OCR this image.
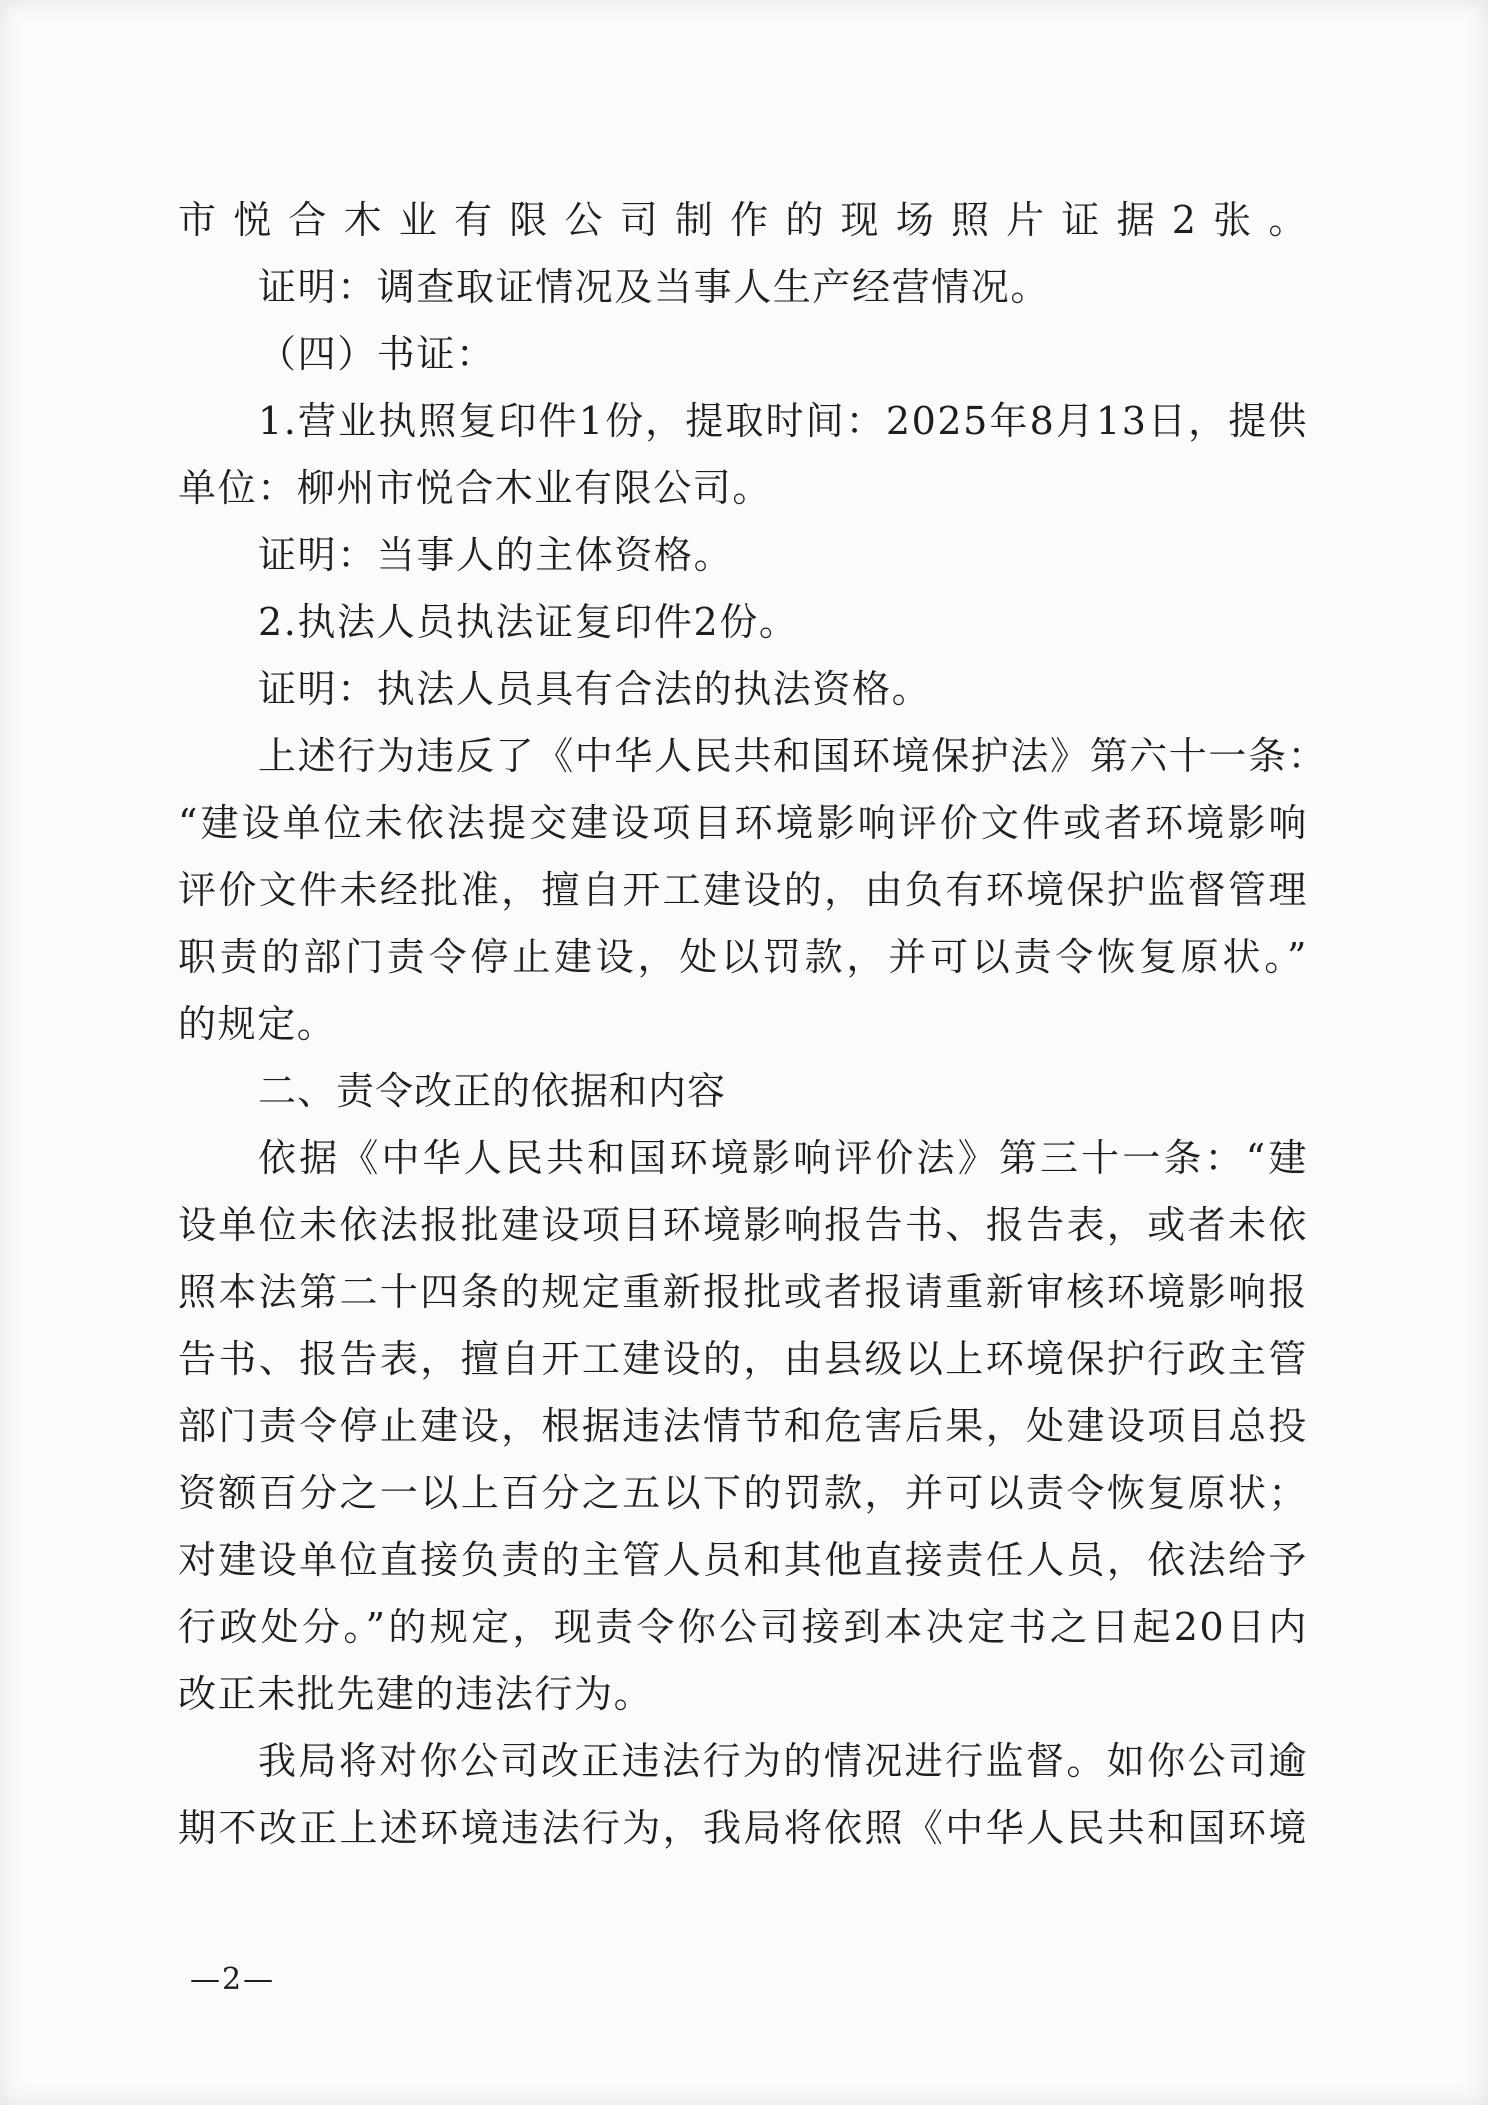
市悦合木业有限公司制作的现场照片证据2张。
证明：调查取证情况及当事人生产经营情况。
（四）书证：
1.营业执照复印件1份，提取时间：2025年8月13日，提供
单位：柳州市悦合木业有限公司。
证明：当事人的主体资格。
2.执法人员执法证复印件2份。
证明：执法人员具有合法的执法资格。
上述行为违反了《中华人民共和国环境保护法》第六十一条：
“建设单位未依法提交建设项目环境影响评价文件或者环境影响
评价文件未经批准，擅自开工建设的，由负有环境保护监督管理
职责的部门责令停止建设，处以罚款，并可以责令恢复原状。”
的规定。
二、责令改正的依据和内容
依据《中华人民共和国环境影响评价法》第三十一条：“建
设单位未依法报批建设项目环境影响报告书、报告表，或者未依
照本法第二十四条的规定重新报批或者报请重新审核环境影响报
告书、报告表，擅自开工建设的，由县级以上环境保护行政主管
部门责令停止建设，根据违法情节和危害后果，处建设项目总投
资额百分之一以上百分之五以下的罚款，并可以责令恢复原状；
对建设单位直接负责的主管人员和其他直接责任人员，依法给予
行政处分。”的规定，现责令你公司接到本决定书之日起20日内
改正未批先建的违法行为。
我局将对你公司改正违法行为的情况进行监督。如你公司逾
期不改正上述环境违法行为，我局将依照《中华人民共和国环境
—2—
